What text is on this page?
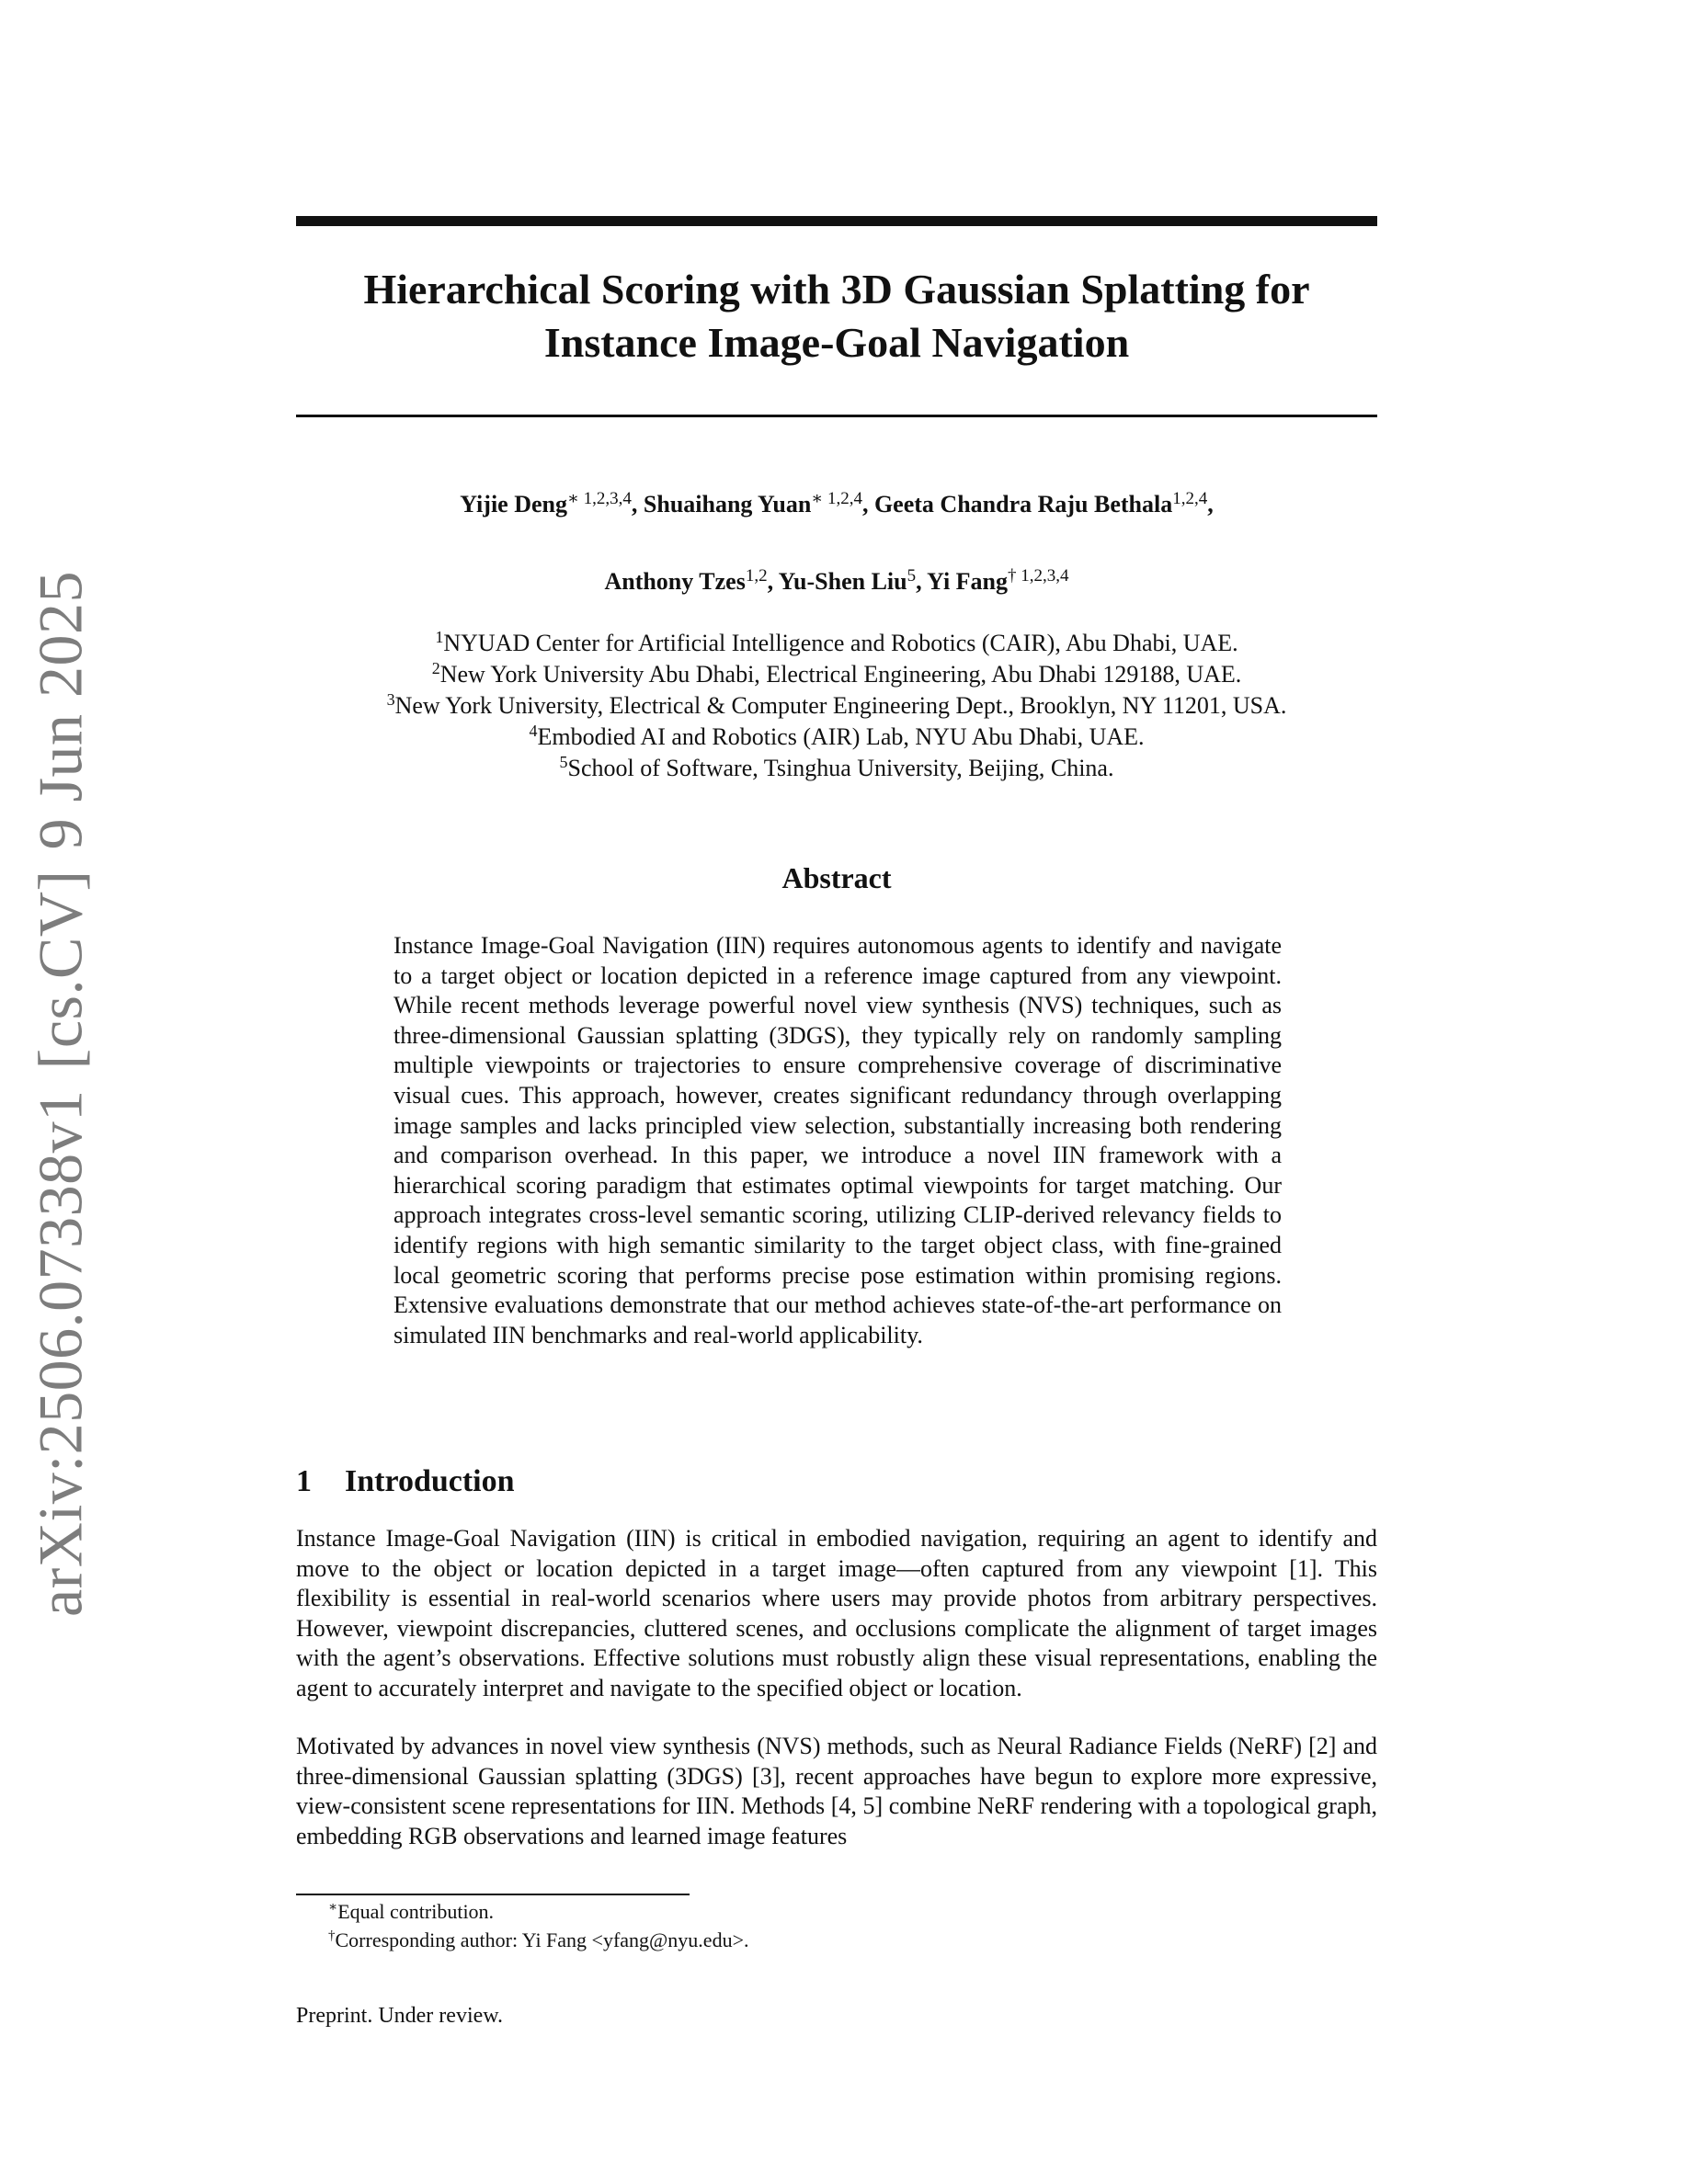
arXiv:2506.07338v1[cs.CV]9 Jun 2025
Hierarchical Scoring with 3D Gaussian Splatting for
Instance Image-Goal Navigation

Yijie Deng$^{∗ 1,2,3,4}$, Shuaihang Yuan$^{∗ 1,2,4}$, Geeta Chandra Raju Bethala$^{1,2,4}$,

Anthony Tzes$^{1,2}$, Yu-Shen Liu$^5$, Yi Fang$^{\dagger 1,2,3,4}$

$^1$NYUAD Center for Artificial Intelligence and Robotics (CAIR), Abu Dhabi, UAE.
$^2$New York University Abu Dhabi, Electrical Engineering, Abu Dhabi 129188, UAE.
$^3$New York University, Electrical & Computer Engineering Dept., Brooklyn, NY 11201, USA.
$^4$Embodied AI and Robotics (AIR) Lab, NYU Abu Dhabi, UAE.
$^5$School of Software, Tsinghua University, Beijing, China.
Abstract

Instance Image-Goal Navigation (IIN) requires autonomous agents to identify and navigate to a target object or location depicted in a reference image captured from any viewpoint. While recent methods leverage powerful novel view synthesis (NVS) techniques, such as three-dimensional Gaussian splatting (3DGS), they typically rely on randomly sampling multiple viewpoints or trajectories to ensure comprehensive coverage of discriminative visual cues. This approach, however, creates significant redundancy through overlapping image samples and lacks principled view selection, substantially increasing both rendering and comparison overhead. In this paper, we introduce a novel IIN framework with a hierarchical scoring paradigm that estimates optimal viewpoints for target matching. Our approach integrates cross-level semantic scoring, utilizing CLIP-derived relevancy fields to identify regions with high semantic similarity to the target object class, with fine-grained local geometric scoring that performs precise pose estimation within promising regions. Extensive evaluations demonstrate that our method achieves state-of-the-art performance on simulated IIN benchmarks and real-world applicability.

1 Introduction

Instance Image-Goal Navigation (IIN) is critical in embodied navigation, requiring an agent to identify and move to the object or location depicted in a target image—often captured from any viewpoint [1]. This flexibility is essential in real-world scenarios where users may provide photos from arbitrary perspectives. However, viewpoint discrepancies, cluttered scenes, and occlusions complicate the alignment of target images with the agent’s observations. Effective solutions must robustly align these visual representations, enabling the agent to accurately interpret and navigate to the specified object or location.

Motivated by advances in novel view synthesis (NVS) methods, such as Neural Radiance Fields (NeRF) [2] and three-dimensional Gaussian splatting (3DGS) [3], recent approaches have begun to explore more expressive, view-consistent scene representations for IIN. Methods [4, 5] combine NeRF rendering with a topological graph, embedding RGB observations and learned image features

∗Equal contribution.
†Corresponding author: Yi Fang <yfang@nyu.edu>.

Preprint. Under review.
